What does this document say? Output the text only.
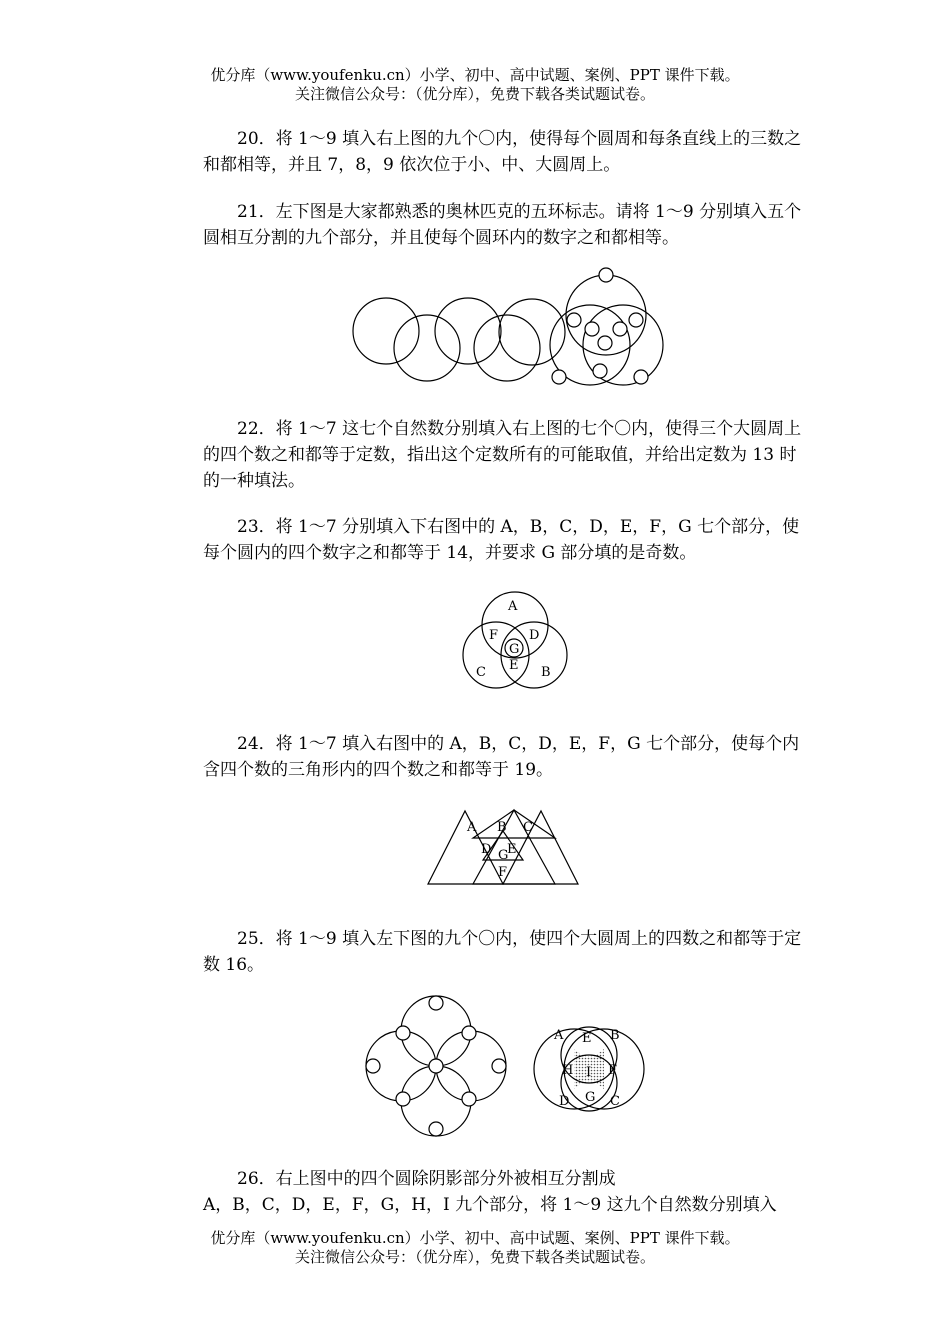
优分库（www.youfenku.cn）小学、初中、高中试题、案例、PPT 课件下载。
关注微信公众号：（优分库），免费下载各类试题试卷。

20．将 1～9 填入右上图的九个〇内，使得每个圆周和每条直线上的三数之和都相等，并且 7，8，9 依次位于小、中、大圆周上。

21．左下图是大家都熟悉的奥林匹克的五环标志。请将 1～9 分别填入五个圆相互分割的九个部分，并且使每个圆环内的数字之和都相等。

22．将 1～7 这七个自然数分别填入右上图的七个〇内，使得三个大圆周上的四个数之和都等于定数，指出这个定数所有的可能取值，并给出定数为 13 时的一种填法。

23．将 1～7 分别填入下右图中的 A，B，C，D，E，F，G 七个部分，使每个圆内的四个数字之和都等于 14，并要求 G 部分填的是奇数。

A
F D
G
E
C	B

24．将 1～7 填入右图中的 A，B，C，D，E，F，G 七个部分，使每个内含四个数的三角形内的四个数之和都等于 19。

A B C
D E
G
F

25．将 1～9 填入左下图的九个〇内，使四个大圆周上的四数之和都等于定数 16。

A E B
H I F
D G C

26．右上图中的四个圆除阴影部分外被相互分割成

A，B，C，D，E，F，G，H，I 九个部分，将 1～9 这九个自然数分别填入

优分库（www.youfenku.cn）小学、初中、高中试题、案例、PPT 课件下载。
关注微信公众号：（优分库），免费下载各类试题试卷。
